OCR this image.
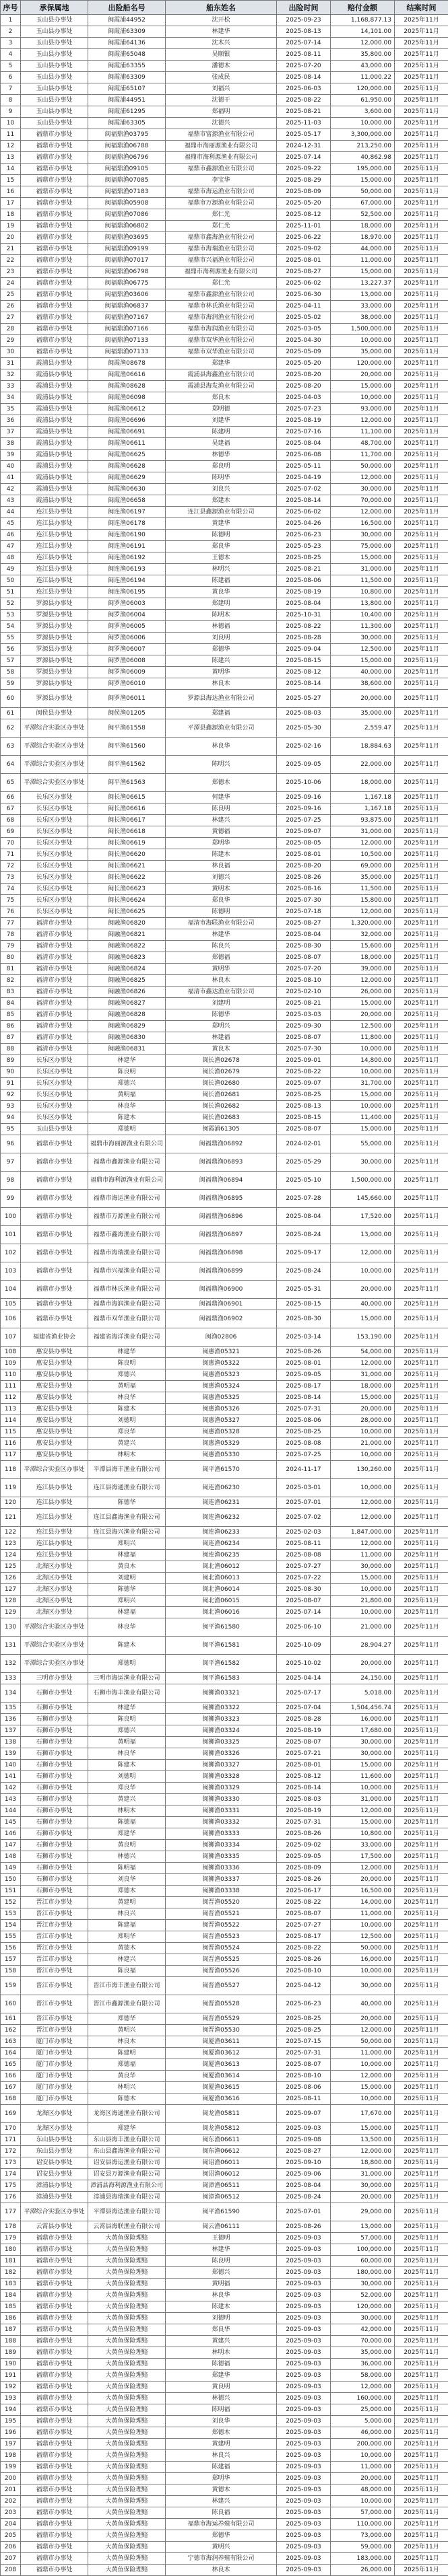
序号	承保属地	出险船名号	船东姓名	出险时间	赔付金额	结案时间
1	玉山县办事处	闽霞浦44952	沈开松	2025-09-23	1,168,877.13	2025年11月
2	玉山县办事处	闽霞浦63309	林建华	2025-08-13	14,101.00	2025年11月
3	玉山县办事处	闽霞浦64136	沈木兴	2025-07-14	12,000.00	2025年11月
4	玉山县办事处	闽霞浦65048	吴顺银	2025-08-11	35,800.00	2025年11月
5	玉山县办事处	闽霞浦63355	潘德木	2025-07-20	43,000.00	2025年11月
6	玉山县办事处	闽霞浦63309	张成民	2025-08-14	11,000.22	2025年11月
7	玉山县办事处	闽霞浦65107	刘福兴	2025-06-03	120,000.00	2025年11月
8	玉山县办事处	闽霞浦44951	沈德干	2025-08-22	61,950.00	2025年11月
9	玉山县办事处	闽霞浦61295	郑福明	2025-08-21	3,600.00	2025年11月
10	玉山县办事处	闽霞浦63305	沈德兴	2025-11-03	10,000.00	2025年11月
11	福鼎市办事处	闽福鼎渔03795	福鼎市富源渔业有限公司	2025-05-17	3,300,000.00	2025年11月
12	福鼎市办事处	闽福鼎渔06788	福鼎市海丽源渔业有限公司	2024-12-31	213,250.00	2025年11月
13	福鼎市办事处	闽福鼎渔06796	福鼎市海利源渔业有限公司	2025-07-14	40,862.98	2025年11月
14	福鼎市办事处	闽福鼎渔09105	福鼎市鑫源渔业有限公司	2025-09-22	195,000.00	2025年11月
15	福鼎市办事处	闽福鼎渔07085	李宝华	2025-08-29	15,000.00	2025年11月
16	福鼎市办事处	闽福鼎渔07183	福鼎市海运渔业有限公司	2025-08-09	50,000.00	2025年11月
17	福鼎市办事处	闽福鼎渔05908	福鼎市万源渔业有限公司	2025-05-20	67,000.00	2025年11月
18	福鼎市办事处	闽福鼎渔07086	郑仁光	2025-08-12	52,500.00	2025年11月
19	福鼎市办事处	闽福鼎渔06802	郑仁光	2025-11-01	18,000.00	2025年11月
20	福鼎市办事处	闽福鼎渔03695	福鼎市鑫海渔业有限公司	2025-06-22	18,970.00	2025年11月
21	福鼎市办事处	闽福鼎渔09199	福鼎市海瑞渔业有限公司	2025-09-02	44,000.00	2025年11月
22	福鼎市办事处	闽福鼎渔07017	福鼎市兴福渔业有限公司	2025-08-01	11,000.00	2025年11月
23	福鼎市办事处	闽福鼎渔06798	福鼎市海利源渔业有限公司	2025-08-27	15,000.00	2025年11月
24	福鼎市办事处	闽福鼎渔06775	郑仁光	2025-06-02	13,227.37	2025年11月
25	福鼎市办事处	闽福鼎渔03606	福鼎市鑫源渔业有限公司	2025-06-30	13,000.00	2025年11月
26	福鼎市办事处	闽福鼎渔06837	福鼎市林氏渔业有限公司	2025-04-11	33,000.00	2025年11月
27	福鼎市办事处	闽福鼎渔07167	福鼎市海润渔业有限公司	2025-05-02	38,000.00	2025年11月
28	福鼎市办事处	闽福鼎渔07166	福鼎市海润渔业有限公司	2025-03-05	1,500,000.00	2025年11月
29	福鼎市办事处	闽福鼎渔07133	福鼎市双华渔业有限公司	2025-04-30	10,000.00	2025年11月
30	福鼎市办事处	闽福鼎渔07133	福鼎市双华渔业有限公司	2025-05-09	35,000.00	2025年11月
31	霞浦县办事处	闽霞渔08678	郑建华	2025-05-20	120,000.00	2025年11月
32	霞浦县办事处	闽霞渔06616	霞浦县海鑫渔业有限公司	2025-08-20	20,000.00	2025年11月
33	霞浦县办事处	闽霞渔08628	霞浦县海发渔业有限公司	2025-08-20	15,000.00	2025年11月
34	霞浦县办事处	闽霞渔06098	郑良木	2025-04-03	10,000.00	2025年11月
35	霞浦县办事处	闽霞渔06612	郑明德	2025-07-23	93,000.00	2025年11月
36	霞浦县办事处	闽霞渔06696	刘建华	2025-08-19	12,000.00	2025年11月
37	霞浦县办事处	闽霞渔06691	陈建明	2025-07-16	11,100.00	2025年11月
38	霞浦县办事处	闽霞渔06611	吴建福	2025-08-04	48,700.00	2025年11月
39	霞浦县办事处	闽霞渔06625	林德华	2025-06-08	11,700.00	2025年11月
40	霞浦县办事处	闽霞渔06628	郑良明	2025-05-11	50,000.00	2025年11月
41	霞浦县办事处	闽霞渔06629	陈明华	2025-04-19	12,000.00	2025年11月
42	霞浦县办事处	闽霞渔06630	刘良兴	2025-07-02	30,000.00	2025年11月
43	霞浦县办事处	闽霞渔06658	郑建木	2025-08-14	70,000.00	2025年11月
44	连江县办事处	闽连渔06197	连江县鑫源渔业有限公司	2025-06-02	12,000.00	2025年11月
45	连江县办事处	闽连渔06178	黄建华	2025-04-26	16,500.00	2025年11月
46	连江县办事处	闽连渔06190	陈德明	2025-06-23	30,000.00	2025年11月
47	连江县办事处	闽连渔06191	郑良华	2025-05-23	75,000.00	2025年11月
48	连江县办事处	闽连渔06192	王德木	2025-08-25	15,000.00	2025年11月
49	连江县办事处	闽连渔06193	林明兴	2025-08-21	31,000.00	2025年11月
50	连江县办事处	闽连渔06194	陈建福	2025-08-06	11,500.00	2025年11月
51	连江县办事处	闽连渔06195	黄良华	2025-08-19	10,800.00	2025年11月
52	罗源县办事处	闽罗渔06003	郑建明	2025-08-04	13,800.00	2025年11月
53	罗源县办事处	闽罗渔06004	陈明木	2025-10-31	10,400.00	2025年11月
54	罗源县办事处	闽罗渔06005	林德福	2025-08-22	11,300.00	2025年11月
55	罗源县办事处	闽罗渔06006	刘良明	2025-08-28	30,000.00	2025年11月
56	罗源县办事处	闽罗渔06007	郑德华	2025-09-04	12,500.00	2025年11月
57	罗源县办事处	闽罗渔06008	陈建兴	2025-08-15	15,000.00	2025年11月
58	罗源县办事处	闽罗渔06009	黄明华	2025-08-12	40,000.00	2025年11月
59	罗源县办事处	闽罗渔06010	林良木	2025-08-14	38,600.00	2025年11月
60	罗源县办事处	闽罗渔06011	罗源县海达渔业有限公司	2025-05-27	20,000.00	2025年11月
61	闽侯县办事处	闽侯渔01205	郑建福	2025-08-03	35,000.00	2025年11月
62	平潭综合实验区办事处	闽平渔61558	平潭县鑫源渔业有限公司	2025-05-30	2,559.47	2025年11月
63	平潭综合实验区办事处	闽平渔61560	林良华	2025-02-16	18,884.63	2025年11月
64	平潭综合实验区办事处	闽平渔61562	陈明兴	2025-09-05	22,000.00	2025年11月
65	平潭综合实验区办事处	闽平渔61563	郑德木	2025-10-06	18,000.00	2025年11月
66	长乐区办事处	闽长渔06615	何建华	2025-09-16	1,167.18	2025年11月
67	长乐区办事处	闽长渔06616	陈良明	2025-09-16	1,167.18	2025年11月
68	长乐区办事处	闽长渔06617	林建兴	2025-07-25	93,875.00	2025年11月
69	长乐区办事处	闽长渔06618	黄德福	2025-09-07	31,000.00	2025年11月
70	长乐区办事处	闽长渔06619	郑明华	2025-08-05	12,000.00	2025年11月
71	长乐区办事处	闽长渔06620	陈建木	2025-08-01	10,500.00	2025年11月
72	长乐区办事处	闽长渔06621	林良福	2025-08-20	69,000.00	2025年11月
73	长乐区办事处	闽长渔06622	刘德兴	2025-08-26	35,000.00	2025年11月
74	长乐区办事处	闽长渔06623	黄明木	2025-08-16	11,500.00	2025年11月
75	长乐区办事处	闽长渔06624	郑良华	2025-07-30	15,800.00	2025年11月
76	长乐区办事处	闽长渔06625	陈德明	2025-07-18	12,000.00	2025年11月
77	福清市办事处	闽融渔06820	福清市海联渔业有限公司	2025-08-27	1,320,000.00	2025年11月
78	福清市办事处	闽融渔06821	林建华	2025-08-04	32,000.00	2025年11月
79	福清市办事处	闽融渔06822	陈良兴	2025-08-30	15,600.00	2025年11月
80	福清市办事处	闽融渔06823	郑德福	2025-08-07	18,000.00	2025年11月
81	福清市办事处	闽融渔06824	黄明华	2025-07-20	39,000.00	2025年11月
82	福清市办事处	闽融渔06825	林良木	2025-08-10	12,000.00	2025年11月
83	福清市办事处	闽融渔06826	福清市鑫达渔业有限公司	2025-02-10	26,000.00	2025年11月
84	福清市办事处	闽融渔06827	刘建明	2025-08-21	15,000.00	2025年11月
85	福清市办事处	闽融渔06828	陈德华	2025-03-03	20,000.00	2025年11月
86	福清市办事处	闽融渔06829	郑明兴	2025-09-30	12,500.00	2025年11月
87	福清市办事处	闽融渔06830	林建福	2025-08-07	11,800.00	2025年11月
88	福清市办事处	闽融渔06831	黄良木	2025-07-30	10,000.00	2025年11月
89	长乐区办事处	林建华	闽长渔02678	2025-09-01	14,800.00	2025年11月
90	长乐区办事处	陈良明	闽长渔02679	2025-08-22	10,000.00	2025年11月
91	长乐区办事处	郑德兴	闽长渔02680	2025-09-07	31,700.00	2025年11月
92	长乐区办事处	黄明福	闽长渔02681	2025-08-25	15,000.00	2025年11月
93	长乐区办事处	林良华	闽长渔02682	2025-08-13	10,000.00	2025年11月
94	长乐区办事处	陈建木	闽长渔02683	2025-08-15	11,400.00	2025年11月
95	玉山县办事处	郑德明	闽霞浦61305	2025-08-07	15,000.00	2025年11月
96	福鼎市办事处	福鼎市海丽源渔业有限公司	闽福鼎渔06892	2024-02-01	55,000.00	2025年11月
97	福鼎市办事处	福鼎市鑫源渔业有限公司	闽福鼎渔06893	2025-05-29	30,000.00	2025年11月
98	福鼎市办事处	福鼎市海利源渔业有限公司	闽福鼎渔06894	2025-05-10	1,500,000.00	2025年11月
99	福鼎市办事处	福鼎市海运渔业有限公司	闽福鼎渔06895	2025-07-28	145,660.00	2025年11月
100	福鼎市办事处	福鼎市万源渔业有限公司	闽福鼎渔06896	2025-08-04	17,520.00	2025年11月
101	福鼎市办事处	福鼎市鑫海渔业有限公司	闽福鼎渔06897	2025-08-24	13,000.00	2025年11月
102	福鼎市办事处	福鼎市海瑞渔业有限公司	闽福鼎渔06898	2025-09-17	12,000.00	2025年11月
103	福鼎市办事处	福鼎市兴福渔业有限公司	闽福鼎渔06899	2025-08-24	10,000.00	2025年11月
104	福鼎市办事处	福鼎市林氏渔业有限公司	闽福鼎渔06900	2025-05-31	20,000.00	2025年11月
105	福鼎市办事处	福鼎市海润渔业有限公司	闽福鼎渔06901	2025-08-15	40,000.00	2025年11月
106	福鼎市办事处	福鼎市双华渔业有限公司	闽福鼎渔06902	2025-08-30	15,000.00	2025年11月
107	福建省渔业协会	福建省海洋渔业有限公司	闽渔02806	2025-03-14	153,190.00	2025年11月
108	惠安县办事处	林建华	闽惠渔05321	2025-08-26	54,000.00	2025年11月
109	惠安县办事处	陈良明	闽惠渔05322	2025-08-01	12,000.00	2025年11月
110	惠安县办事处	郑德兴	闽惠渔05323	2025-09-05	31,000.00	2025年11月
111	惠安县办事处	黄明福	闽惠渔05324	2025-08-17	18,000.00	2025年11月
112	惠安县办事处	林良华	闽惠渔05325	2025-08-14	15,000.00	2025年11月
113	惠安县办事处	陈建木	闽惠渔05326	2025-07-31	20,000.00	2025年11月
114	惠安县办事处	刘德明	闽惠渔05327	2025-08-06	28,000.00	2025年11月
115	惠安县办事处	郑良华	闽惠渔05328	2025-08-25	10,000.00	2025年11月
116	惠安县办事处	黄建兴	闽惠渔05329	2025-08-08	21,000.00	2025年11月
117	惠安县办事处	林明木	闽惠渔05330	2025-07-25	10,000.00	2025年11月
118	平潭综合实验区办事处	平潭县海丰渔业有限公司	闽平渔61570	2024-11-17	130,260.00	2025年11月
119	连江县办事处	连江县海通渔业有限公司	闽连渔06230	2025-03-01	10,000.00	2025年11月
120	连江县办事处	陈德华	闽连渔06231	2025-07-01	12,000.00	2025年11月
121	连江县办事处	连江县鑫海渔业有限公司	闽连渔06232	2025-07-02	12,000.00	2025年11月
122	连江县办事处	连江县海兴渔业有限公司	闽连渔06233	2025-02-03	1,847,000.00	2025年11月
123	连江县办事处	郑明兴	闽连渔06234	2025-08-11	12,000.00	2025年11月
124	连江县办事处	林建福	闽连渔06235	2025-08-08	11,000.00	2025年11月
125	北海区办事处	黄良木	闽北渔06012	2025-07-27	30,000.00	2025年11月
126	北海区办事处	刘建明	闽北渔06013	2025-07-22	15,000.00	2025年11月
127	北海区办事处	陈德华	闽北渔06014	2025-08-30	10,000.00	2025年11月
128	北海区办事处	郑明兴	闽北渔06015	2025-08-07	21,800.00	2025年11月
129	北海区办事处	林建福	闽北渔06016	2025-07-14	10,000.00	2025年11月
130	平潭综合实验区办事处	林良华	闽平渔61580	2025-06-10	21,000.00	2025年11月
131	平潭综合实验区办事处	陈建木	闽平渔61581	2025-10-09	28,904.27	2025年11月
132	平潭综合实验区办事处	郑德明	闽平渔61582	2025-10-02	20,000.00	2025年11月
133	三明市办事处	三明市海运渔业有限公司	闽平渔61583	2025-04-14	24,150.00	2025年11月
134	石狮市办事处	石狮市海丰渔业有限公司	闽狮渔03321	2025-07-17	5,018.00	2025年11月
135	石狮市办事处	林建华	闽狮渔03322	2025-07-04	1,504,456.74	2025年11月
136	石狮市办事处	陈良明	闽狮渔03323	2025-08-28	16,000.00	2025年11月
137	石狮市办事处	郑德兴	闽狮渔03324	2025-08-19	17,680.00	2025年11月
138	石狮市办事处	黄明福	闽狮渔03325	2025-08-07	30,000.00	2025年11月
139	石狮市办事处	林良华	闽狮渔03326	2025-07-21	30,000.00	2025年11月
140	石狮市办事处	陈建木	闽狮渔03327	2025-08-01	15,000.00	2025年11月
141	石狮市办事处	刘德明	闽狮渔03328	2025-08-12	11,600.00	2025年11月
142	石狮市办事处	郑良华	闽狮渔03329	2025-08-14	10,000.00	2025年11月
143	石狮市办事处	黄建兴	闽狮渔03330	2025-08-03	31,000.00	2025年11月
144	石狮市办事处	林明木	闽狮渔03331	2025-08-19	12,000.00	2025年11月
145	石狮市办事处	陈德福	闽狮渔03332	2025-07-31	15,000.00	2025年11月
146	石狮市办事处	郑建华	闽狮渔03333	2025-08-26	10,800.00	2025年11月
147	石狮市办事处	黄良明	闽狮渔03334	2025-09-02	33,000.00	2025年11月
148	石狮市办事处	林德兴	闽狮渔03335	2025-09-05	17,500.00	2025年11月
149	石狮市办事处	陈明福	闽狮渔03336	2025-08-09	12,000.00	2025年11月
150	石狮市办事处	刘良华	闽狮渔03337	2025-08-26	20,000.00	2025年11月
151	石狮市办事处	郑德木	闽狮渔03338	2025-06-17	16,500.00	2025年11月
152	晋江市办事处	黄建明	闽晋渔05520	2025-08-22	14,000.00	2025年11月
153	晋江市办事处	林良兴	闽晋渔05521	2025-08-07	11,000.00	2025年11月
154	晋江市办事处	陈建福	闽晋渔05522	2025-07-27	10,000.00	2025年11月
155	晋江市办事处	郑明华	闽晋渔05523	2025-08-17	12,500.00	2025年11月
156	晋江市办事处	黄德木	闽晋渔05524	2025-08-22	50,000.00	2025年11月
157	晋江市办事处	林建兴	闽晋渔05525	2025-08-26	16,000.00	2025年11月
158	晋江市办事处	陈良福	闽晋渔05526	2025-08-10	10,000.00	2025年11月
159	晋江市办事处	晋江市海丰渔业有限公司	闽晋渔05527	2025-04-12	30,000.00	2025年11月
160	晋江市办事处	晋江市鑫源渔业有限公司	闽晋渔05528	2025-06-23	40,000.00	2025年11月
161	晋江市办事处	郑德华	闽晋渔05529	2025-08-25	20,000.00	2025年11月
162	晋江市办事处	黄明兴	闽晋渔05530	2025-08-25	12,000.00	2025年11月
163	厦门市办事处	林良木	闽厦渔03611	2025-07-15	50,000.00	2025年11月
164	厦门市办事处	陈建明	闽厦渔03612	2025-07-31	11,000.00	2025年11月
165	厦门市办事处	郑德福	闽厦渔03613	2025-08-07	10,000.00	2025年11月
166	厦门市办事处	黄良华	闽厦渔03614	2025-08-10	12,000.00	2025年11月
167	厦门市办事处	林明兴	闽厦渔03615	2025-08-06	15,000.00	2025年11月
168	厦门市办事处	陈德木	闽厦渔03616	2025-08-11	10,000.00	2025年11月
169	龙海区办事处	龙海区海通渔业有限公司	闽龙渔05811	2025-09-07	17,670.00	2025年11月
170	龙海区办事处	郑建华	闽龙渔05812	2025-09-03	15,000.00	2025年11月
171	东山县办事处	东山县海丰渔业有限公司	闽东渔06611	2025-09-08	13,500.00	2025年11月
172	东山县办事处	东山县鑫海渔业有限公司	闽东渔06612	2025-08-27	12,000.00	2025年11月
173	诏安县办事处	诏安县海运渔业有限公司	闽诏渔06011	2025-09-10	18,800.00	2025年11月
174	诏安县办事处	诏安县万源渔业有限公司	闽诏渔06012	2025-09-06	31,000.00	2025年11月
175	漳浦县办事处	漳浦县海利源渔业有限公司	闽漳渔06511	2025-08-04	30,000.00	2025年11月
176	漳浦县办事处	漳浦县海瑞渔业有限公司	闽漳渔06512	2025-08-24	20,000.00	2025年11月
177	平潭综合实验区办事处	平潭县海达渔业有限公司	闽平渔61590	2025-07-01	29,000.00	2025年11月
178	云霄县办事处	云霄县海联渔业有限公司	闽云渔06111	2025-08-26	13,000.00	2025年11月
179	福鼎市办事处	大黄鱼保险理赔	王德明	2025-09-03	57,000.00	2025年11月
180	福鼎市办事处	大黄鱼保险理赔	林建华	2025-09-03	100,000.00	2025年11月
181	福鼎市办事处	大黄鱼保险理赔	陈良明	2025-09-03	60,000.00	2025年11月
182	福鼎市办事处	大黄鱼保险理赔	郑德兴	2025-09-03	180,000.00	2025年11月
183	福鼎市办事处	大黄鱼保险理赔	黄明福	2025-09-03	30,000.00	2025年11月
184	福鼎市办事处	大黄鱼保险理赔	林良华	2025-09-03	52,000.00	2025年11月
185	福鼎市办事处	大黄鱼保险理赔	陈建木	2025-09-03	120,000.00	2025年11月
186	福鼎市办事处	大黄鱼保险理赔	刘德明	2025-09-03	30,000.00	2025年11月
187	福鼎市办事处	大黄鱼保险理赔	郑良华	2025-09-03	42,000.00	2025年11月
188	福鼎市办事处	大黄鱼保险理赔	黄建兴	2025-09-03	70,000.00	2025年11月
189	福鼎市办事处	大黄鱼保险理赔	林明木	2025-09-03	35,000.00	2025年11月
190	福鼎市办事处	大黄鱼保险理赔	陈德福	2025-09-03	36,000.00	2025年11月
191	福鼎市办事处	大黄鱼保险理赔	郑建华	2025-09-03	58,000.00	2025年11月
192	福鼎市办事处	大黄鱼保险理赔	黄良明	2025-09-03	12,000.00	2025年11月
193	福鼎市办事处	大黄鱼保险理赔	林德兴	2025-09-03	160,000.00	2025年11月
194	福鼎市办事处	大黄鱼保险理赔	陈明福	2025-09-03	25,000.00	2025年11月
195	福鼎市办事处	大黄鱼保险理赔	刘良华	2025-09-03	5,000.00	2025年11月
196	福鼎市办事处	大黄鱼保险理赔	郑德木	2025-09-03	46,000.00	2025年11月
197	福鼎市办事处	大黄鱼保险理赔	黄建明	2025-09-03	200,000.00	2025年11月
198	福鼎市办事处	大黄鱼保险理赔	林良兴	2025-09-03	10,000.00	2025年11月
199	福鼎市办事处	大黄鱼保险理赔	陈建福	2025-09-03	11,000.00	2025年11月
200	福鼎市办事处	大黄鱼保险理赔	郑明华	2025-09-03	20,000.00	2025年11月
201	福鼎市办事处	大黄鱼保险理赔	黄德木	2025-09-03	48,000.00	2025年11月
202	福鼎市办事处	大黄鱼保险理赔	林建兴	2025-09-03	10,000.00	2025年11月
203	福鼎市办事处	大黄鱼保险理赔	陈良福	2025-09-03	57,000.00	2025年11月
204	福鼎市办事处	大黄鱼保险理赔	福鼎市海运养殖有限公司	2025-09-03	110,000.00	2025年11月
205	福鼎市办事处	大黄鱼保险理赔	郑德华	2025-09-03	73,000.00	2025年11月
206	福鼎市办事处	大黄鱼保险理赔	黄明兴	2025-09-03	59,000.00	2025年11月
207	福鼎市办事处	大黄鱼保险理赔	宁德市海润养殖有限公司	2025-09-03	183,000.00	2025年11月
208	福鼎市办事处	大黄鱼保险理赔	林良木	2025-09-03	26,000.00	2025年11月
